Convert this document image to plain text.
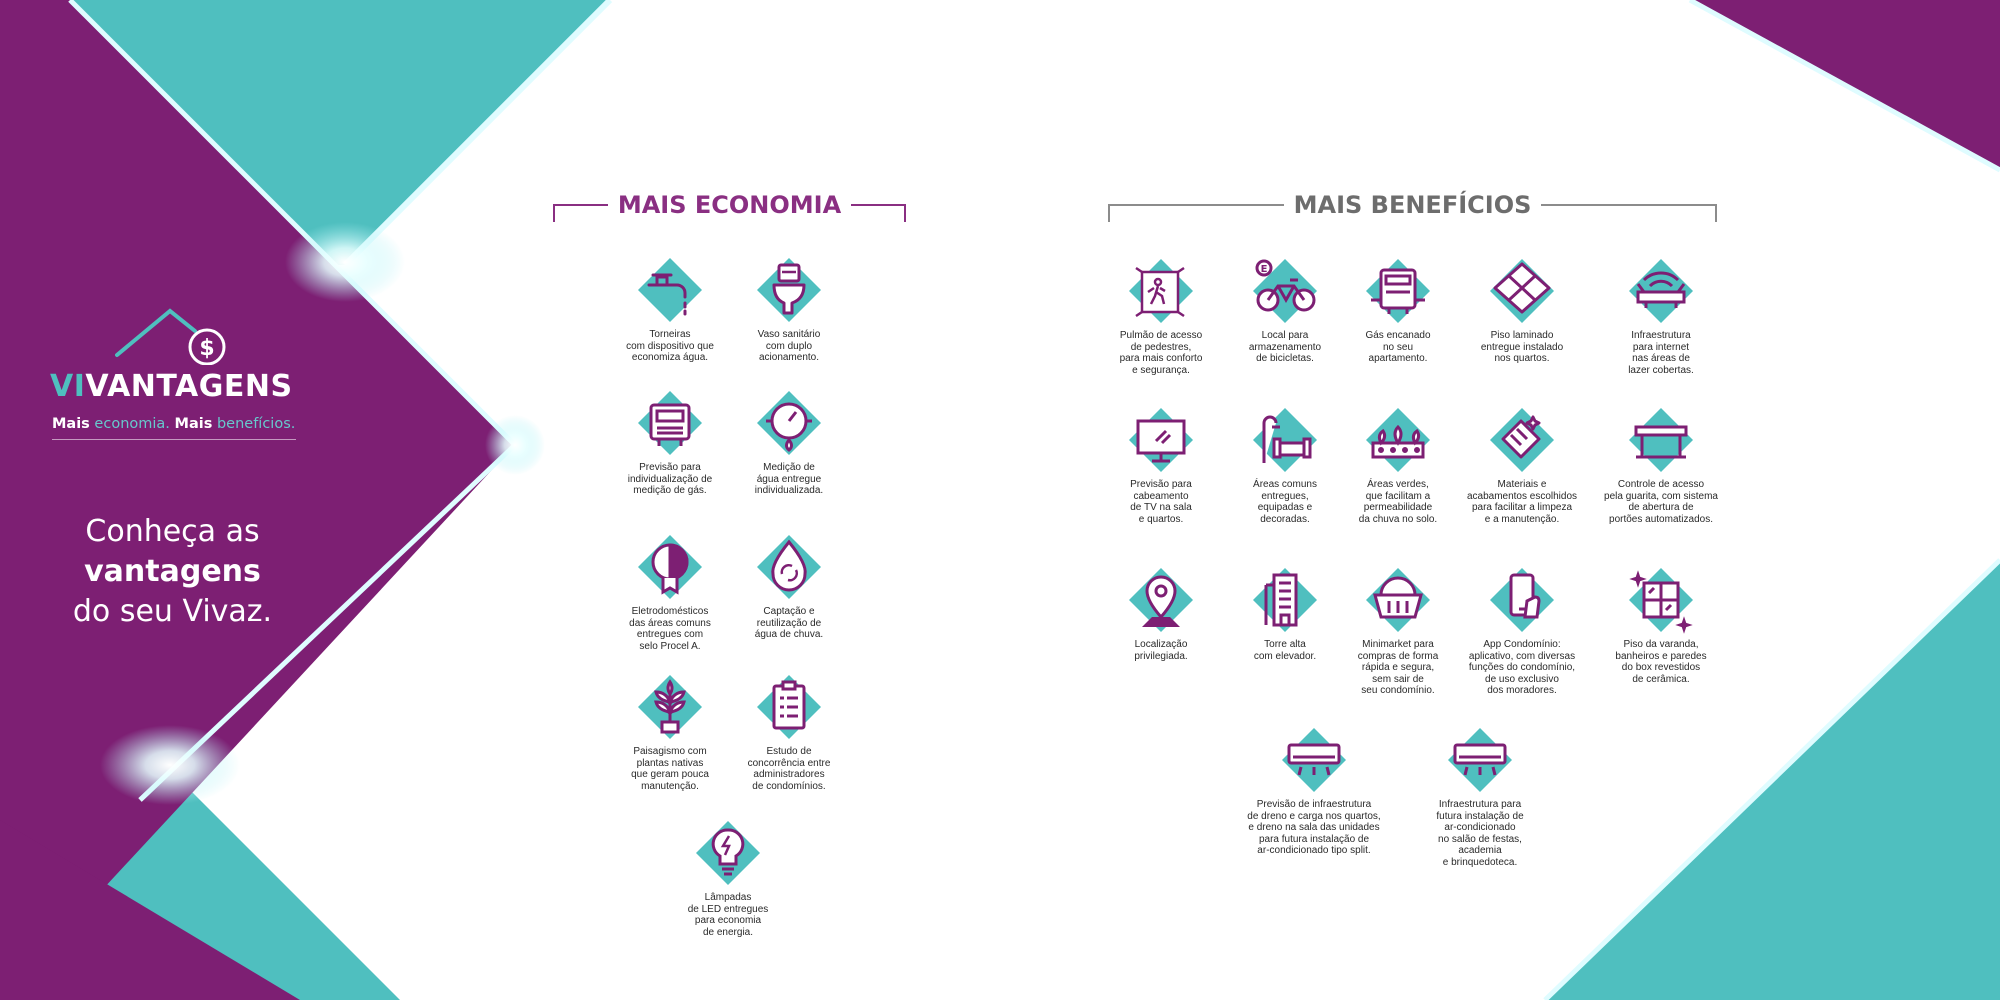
$
VIVANTAGENS
Mais economia. Mais benefícios.
Conheça as
vantagens
do seu Vivaz.
MAIS ECONOMIA	MAIS BENEFÍCIOS
Torneiras
com dispositivo que
economiza água.
Vaso sanitário
com duplo
acionamento.
Previsão para
individualização de
medição de gás.
Medição de
água entregue
individualizada.
Eletrodomésticos
das áreas comuns
entregues com
selo Procel A.
Captação e
reutilização de
água de chuva.
Paisagismo com
plantas nativas
que geram pouca
manutenção.
Estudo de
concorrência entre
administradores
de condomínios.
Lâmpadas
de LED entregues
para economia
de energia.
Pulmão de acesso
de pedestres,
para mais conforto
e segurança.
E
Local para
armazenamento
de bicicletas.
Gás encanado
no seu
apartamento.
Piso laminado
entregue instalado
nos quartos.
Infraestrutura
para internet
nas áreas de
lazer cobertas.
Previsão para
cabeamento
de TV na sala
e quartos.
Áreas comuns
entregues,
equipadas e
decoradas.
Áreas verdes,
que facilitam a
permeabilidade
da chuva no solo.
Materiais e
acabamentos escolhidos
para facilitar a limpeza
e a manutenção.
Controle de acesso
pela guarita, com sistema
de abertura de
portões automatizados.
Localização
privilegiada.
Torre alta
com elevador.
Minimarket para
compras de forma
rápida e segura,
sem sair de
seu condomínio.
App Condomínio:
aplicativo, com diversas
funções do condomínio,
de uso exclusivo
dos moradores.
Piso da varanda,
banheiros e paredes
do box revestidos
de cerâmica.
Previsão de infraestrutura
de dreno e carga nos quartos,
e dreno na sala das unidades
para futura instalação de
ar-condicionado tipo split.
Infraestrutura para
futura instalação de
ar-condicionado
no salão de festas,
academia
e brinquedoteca.
